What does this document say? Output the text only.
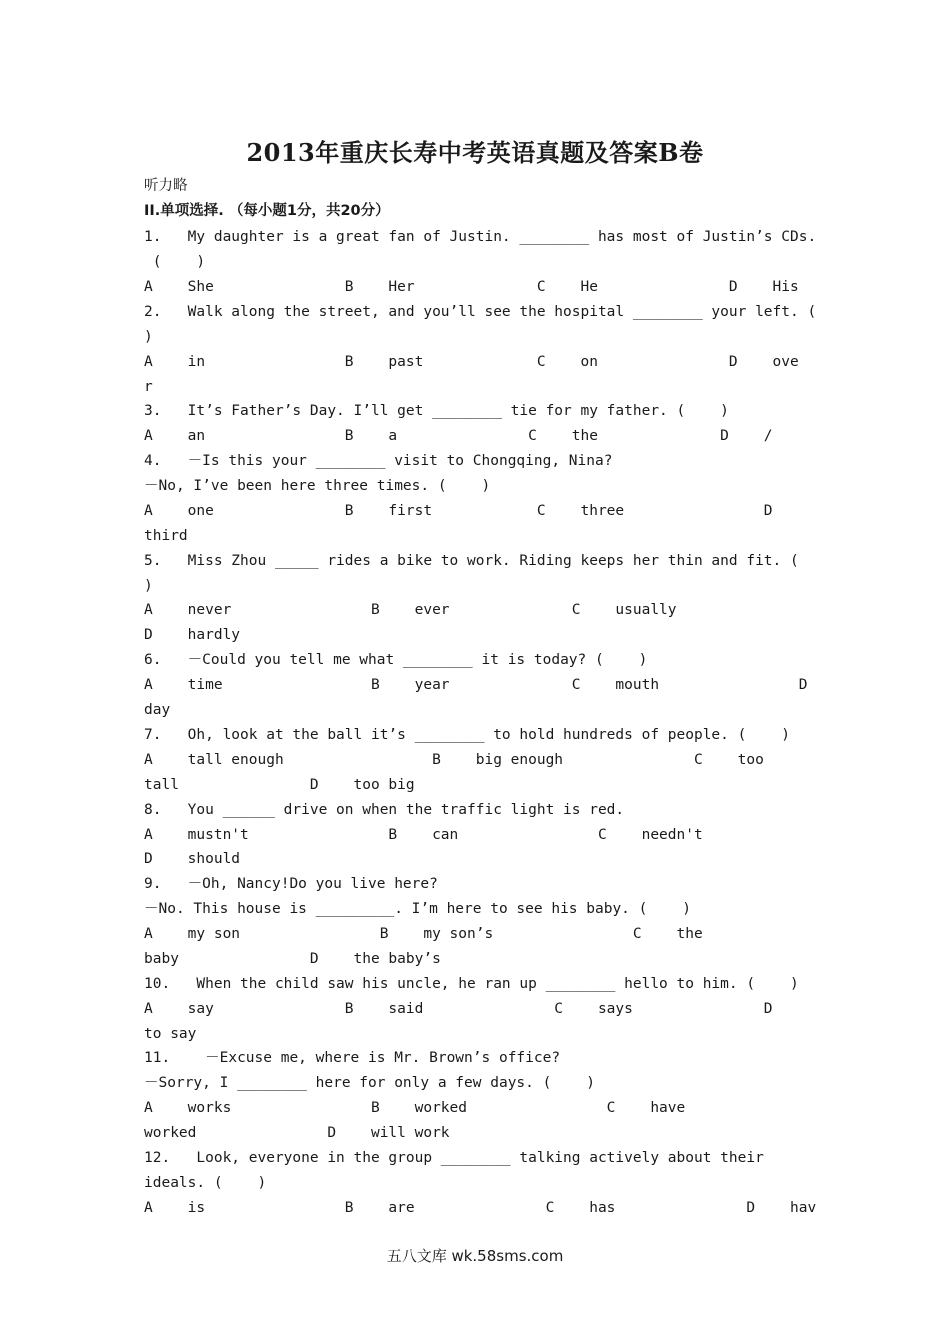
2013年重庆长寿中考英语真题及答案B卷
听力略
II.单项选择. （每小题1分，共20分）
1.   My daughter is a great fan of Justin. ________ has most of Justin’s CDs.
(    )
A    She               B    Her              C    He               D    His
2.   Walk along the street, and you’ll see the hospital ________ your left. (
)
A    in                B    past             C    on               D    ove
r
3.   It’s Father’s Day. I’ll get ________ tie for my father. (    )
A    an                B    a               C    the              D    /
4.   －Is this your ________ visit to Chongqing, Nina?
－No, I’ve been here three times. (    )
A    one               B    first            C    three                D
third
5.   Miss Zhou _____ rides a bike to work. Riding keeps her thin and fit. (
)
A    never                B    ever              C    usually
D    hardly
6.   －Could you tell me what ________ it is today? (    )
A    time                 B    year              C    mouth                D
day
7.   Oh, look at the ball it’s ________ to hold hundreds of people. (    )
A    tall enough                 B    big enough               C    too
tall               D    too big
8.   You ______ drive on when the traffic light is red.
A    mustn't                B    can                C    needn't
D    should
9.   －Oh, Nancy!Do you live here?
－No. This house is _________. I’m here to see his baby. (    )
A    my son                B    my son’s                C    the
baby               D    the baby’s
10.   When the child saw his uncle, he ran up ________ hello to him. (    )
A    say               B    said               C    says               D
to say
11.    －Excuse me, where is Mr. Brown’s office?
－Sorry, I ________ here for only a few days. (    )
A    works                B    worked                C    have
worked               D    will work
12.   Look, everyone in the group ________ talking actively about their
ideals. (    )
A    is                B    are               C    has               D    hav
五八文库 wk.58sms.com
